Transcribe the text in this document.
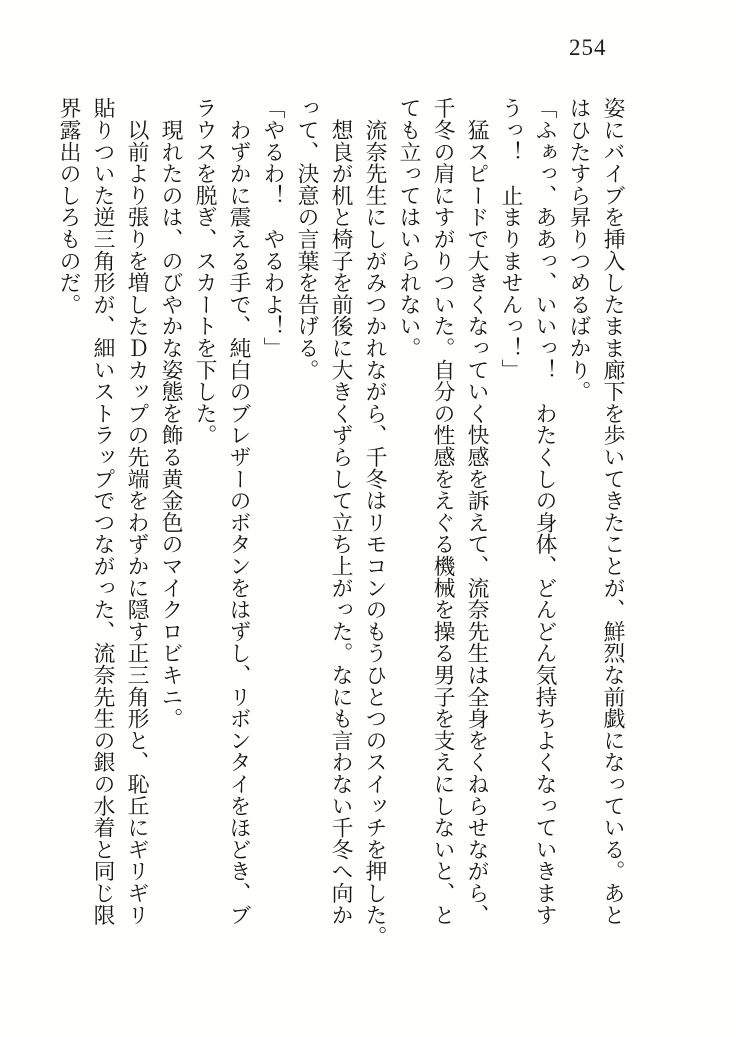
254
姿にバイブを挿入したまま廊下を歩いてきたことが、鮮烈な前戯になっている。あと
はひたすら昇りつめるばかり。
「ふぁっ、ああっ、いいっ！　わたくしの身体、どんどん気持ちよくなっていきます
うっ！　止まりませんっ！」
　猛スピードで大きくなっていく快感を訴えて、流奈先生は全身をくねらせながら、
千冬の肩にすがりついた。自分の性感をえぐる機械を操る男子を支えにしないと、と
ても立ってはいられない。
　流奈先生にしがみつかれながら、千冬はリモコンのもうひとつのスイッチを押した。
　想良が机と椅子を前後に大きくずらして立ち上がった。なにも言わない千冬へ向か
って、決意の言葉を告げる。
「やるわ！　やるわよ！」
　わずかに震える手で、純白のブレザーのボタンをはずし、リボンタイをほどき、ブ
ラウスを脱ぎ、スカートを下した。
　現れたのは、のびやかな姿態を飾る黄金色のマイクロビキニ。
　以前より張りを増したＤカップの先端をわずかに隠す正三角形と、恥丘にギリギリ
貼りついた逆三角形が、細いストラップでつながった、流奈先生の銀の水着と同じ限
界露出のしろものだ。
